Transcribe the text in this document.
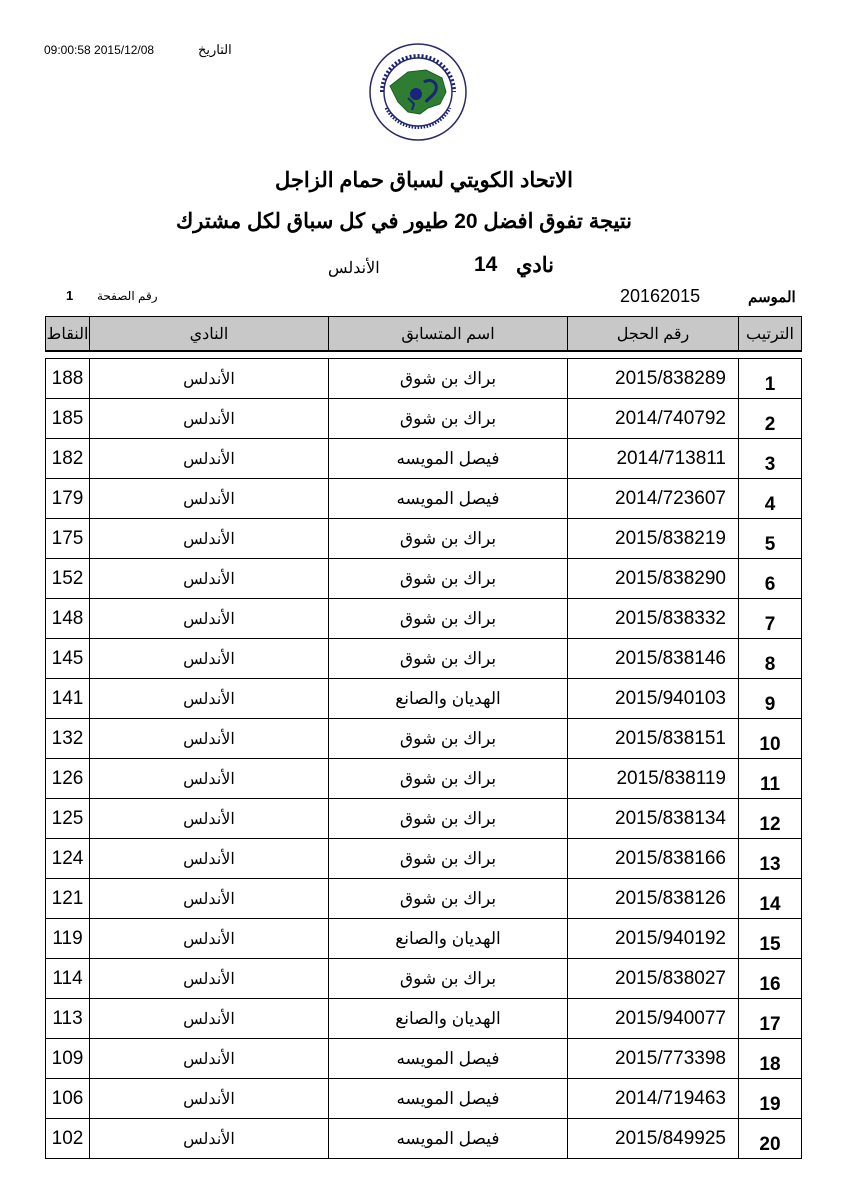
التاريخ
09:00:58 2015/12/08
الاتحاد الكويتي لسباق حمام الزاجل
نتيجة تفوق افضل 20 طيور في كل سباق لكل مشترك
نادي
14
الأندلس
رقم الصفحة
1	الموسم
20162015
الترتيب	رقم الحجل	اسم المتسابق	النادي	النقاط

1	2015/838289	براك بن شوق	الأندلس	188
2	2014/740792	براك بن شوق	الأندلس	185
3	2014/713811	فيصل المويسه	الأندلس	182
4	2014/723607	فيصل المويسه	الأندلس	179
5	2015/838219	براك بن شوق	الأندلس	175
6	2015/838290	براك بن شوق	الأندلس	152
7	2015/838332	براك بن شوق	الأندلس	148
8	2015/838146	براك بن شوق	الأندلس	145
9	2015/940103	الهديان والصانع	الأندلس	141
10	2015/838151	براك بن شوق	الأندلس	132
11	2015/838119	براك بن شوق	الأندلس	126
12	2015/838134	براك بن شوق	الأندلس	125
13	2015/838166	براك بن شوق	الأندلس	124
14	2015/838126	براك بن شوق	الأندلس	121
15	2015/940192	الهديان والصانع	الأندلس	119
16	2015/838027	براك بن شوق	الأندلس	114
17	2015/940077	الهديان والصانع	الأندلس	113
18	2015/773398	فيصل المويسه	الأندلس	109
19	2014/719463	فيصل المويسه	الأندلس	106
20	2015/849925	فيصل المويسه	الأندلس	102
